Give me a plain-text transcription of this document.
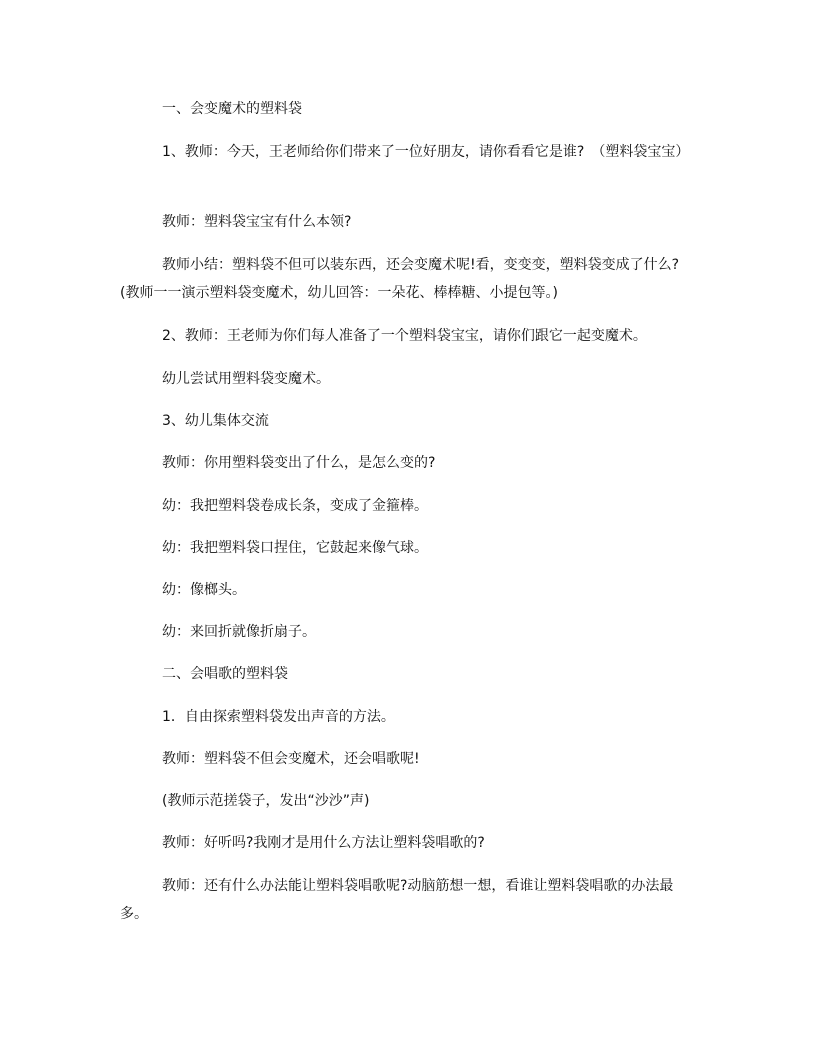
一、会变魔术的塑料袋
1、教师：今天，王老师给你们带来了一位好朋友，请你看看它是谁?　（塑料袋宝宝）
教师：塑料袋宝宝有什么本领?
教师小结：塑料袋不但可以装东西，还会变魔术呢!看，变变变，塑料袋变成了什么?(教师一一演示塑料袋变魔术，幼儿回答：一朵花、棒棒糖、小提包等。)
2、教师：王老师为你们每人准备了一个塑料袋宝宝，请你们跟它一起变魔术。
幼儿尝试用塑料袋变魔术。
3、幼儿集体交流
教师：你用塑料袋变出了什么，是怎么变的?
幼：我把塑料袋卷成长条，变成了金箍棒。
幼：我把塑料袋口捏住，它鼓起来像气球。
幼：像榔头。
幼：来回折就像折扇子。
二、会唱歌的塑料袋
1．自由探索塑料袋发出声音的方法。
教师：塑料袋不但会变魔术，还会唱歌呢!
(教师示范搓袋子，发出“沙沙”声)
教师：好听吗?我刚才是用什么方法让塑料袋唱歌的?
教师：还有什么办法能让塑料袋唱歌呢?动脑筋想一想，看谁让塑料袋唱歌的办法最多。
